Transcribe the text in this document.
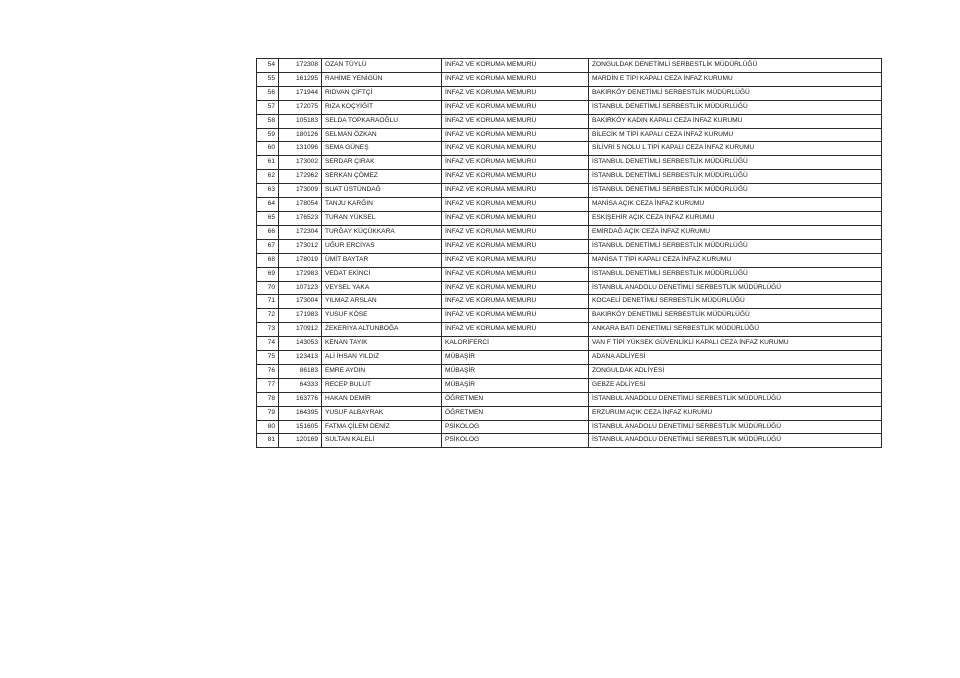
54	172308	OZAN TÜYLÜ	İNFAZ VE KORUMA MEMURU	ZONGULDAK DENETİMLİ SERBESTLİK MÜDÜRLÜĞÜ
55	161295	RAHİME YENİGÜN	İNFAZ VE KORUMA MEMURU	MARDİN E TİPİ KAPALI CEZA İNFAZ KURUMU
56	171944	RIDVAN ÇİFTÇİ	İNFAZ VE KORUMA MEMURU	BAKIRKÖY DENETİMLİ SERBESTLİK MÜDÜRLÜĞÜ
57	172075	RIZA KOÇYİĞİT	İNFAZ VE KORUMA MEMURU	İSTANBUL DENETİMLİ SERBESTLİK MÜDÜRLÜĞÜ
58	105183	SELDA TOPKARAOĞLU	İNFAZ VE KORUMA MEMURU	BAKIRKÖY KADIN KAPALI CEZA İNFAZ KURUMU
59	180126	SELMAN ÖZKAN	İNFAZ VE KORUMA MEMURU	BİLECİK M TİPİ KAPALI CEZA İNFAZ KURUMU
60	131096	SEMA GÜNEŞ	İNFAZ VE KORUMA MEMURU	SİLİVRİ 5 NOLU L TİPİ KAPALI CEZA İNFAZ KURUMU
61	173002	SERDAR ÇIRAK	İNFAZ VE KORUMA MEMURU	İSTANBUL DENETİMLİ SERBESTLİK MÜDÜRLÜĞÜ
62	172962	SERKAN ÇÖMEZ	İNFAZ VE KORUMA MEMURU	İSTANBUL DENETİMLİ SERBESTLİK MÜDÜRLÜĞÜ
63	173009	SUAT ÜSTÜNDAĞ	İNFAZ VE KORUMA MEMURU	İSTANBUL DENETİMLİ SERBESTLİK MÜDÜRLÜĞÜ
64	178054	TANJU KARĞIN	İNFAZ VE KORUMA MEMURU	MANİSA AÇIK CEZA İNFAZ KURUMU
65	176523	TURAN YÜKSEL	İNFAZ VE KORUMA MEMURU	ESKİŞEHİR AÇIK CEZA İNFAZ KURUMU
66	172304	TURĞAY KÜÇÜKKARA	İNFAZ VE KORUMA MEMURU	EMİRDAĞ AÇIK CEZA İNFAZ KURUMU
67	173012	UĞUR ERCİYAS	İNFAZ VE KORUMA MEMURU	İSTANBUL DENETİMLİ SERBESTLİK MÜDÜRLÜĞÜ
68	178019	ÜMİT BAYTAR	İNFAZ VE KORUMA MEMURU	MANİSA T TİPİ KAPALI CEZA İNFAZ KURUMU
69	172983	VEDAT EKİNCİ	İNFAZ VE KORUMA MEMURU	İSTANBUL DENETİMLİ SERBESTLİK MÜDÜRLÜĞÜ
70	107123	VEYSEL YAKA	İNFAZ VE KORUMA MEMURU	İSTANBUL ANADOLU DENETİMLİ SERBESTLİK MÜDÜRLÜĞÜ
71	173004	YILMAZ ARSLAN	İNFAZ VE KORUMA MEMURU	KOCAELİ DENETİMLİ SERBESTLİK MÜDÜRLÜĞÜ
72	171983	YUSUF KÖSE	İNFAZ VE KORUMA MEMURU	BAKIRKÖY DENETİMLİ SERBESTLİK MÜDÜRLÜĞÜ
73	170912	ZEKERİYA ALTUNBOĞA	İNFAZ VE KORUMA MEMURU	ANKARA BATI DENETİMLİ SERBESTLİK MÜDÜRLÜĞÜ
74	143053	KENAN TAYIK	KALORİFERCİ	VAN F TİPİ YÜKSEK GÜVENLİKLİ KAPALI CEZA İNFAZ KURUMU
75	123413	ALİ İHSAN YILDIZ	MÜBAŞİR	ADANA ADLİYESİ
76	86183	EMRE AYDIN	MÜBAŞİR	ZONGULDAK ADLİYESİ
77	64333	RECEP BULUT	MÜBAŞİR	GEBZE ADLİYESİ
78	163776	HAKAN DEMİR	ÖĞRETMEN	İSTANBUL ANADOLU DENETİMLİ SERBESTLİK MÜDÜRLÜĞÜ
79	164395	YUSUF ALBAYRAK	ÖĞRETMEN	ERZURUM AÇIK CEZA İNFAZ KURUMU
80	151605	FATMA ÇİLEM DENİZ	PSİKOLOG	İSTANBUL ANADOLU DENETİMLİ SERBESTLİK MÜDÜRLÜĞÜ
81	120169	SULTAN KALELİ	PSİKOLOG	İSTANBUL ANADOLU DENETİMLİ SERBESTLİK MÜDÜRLÜĞÜ
